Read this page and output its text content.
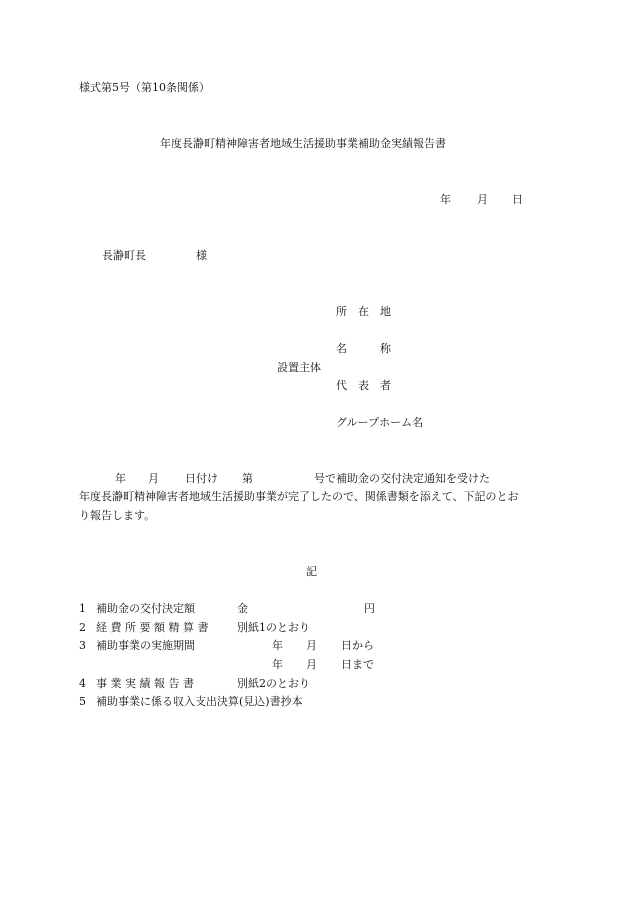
様式第5号（第10条関係）
年度長瀞町精神障害者地域生活援助事業補助金実績報告書
年 月 日
長瀞町長	様
所　在　地
名　　　称
設置主体
代　表　者
グループホーム名
年 月 日付け 第	号で補助金の交付決定通知を受けた
年度長瀞町精神障害者地域生活援助事業が完了したので、関係書類を添えて、下記のとお
り報告します。
記
1 補助金の交付決定額	金	円
2 経 費 所 要 額 精 算 書	別紙1のとおり
3 補助事業の実施期間	年 月 日から
年 月 日まで
4 事 業 実 績 報 告 書	別紙2のとおり
5 補助事業に係る収入支出決算(見込)書抄本
